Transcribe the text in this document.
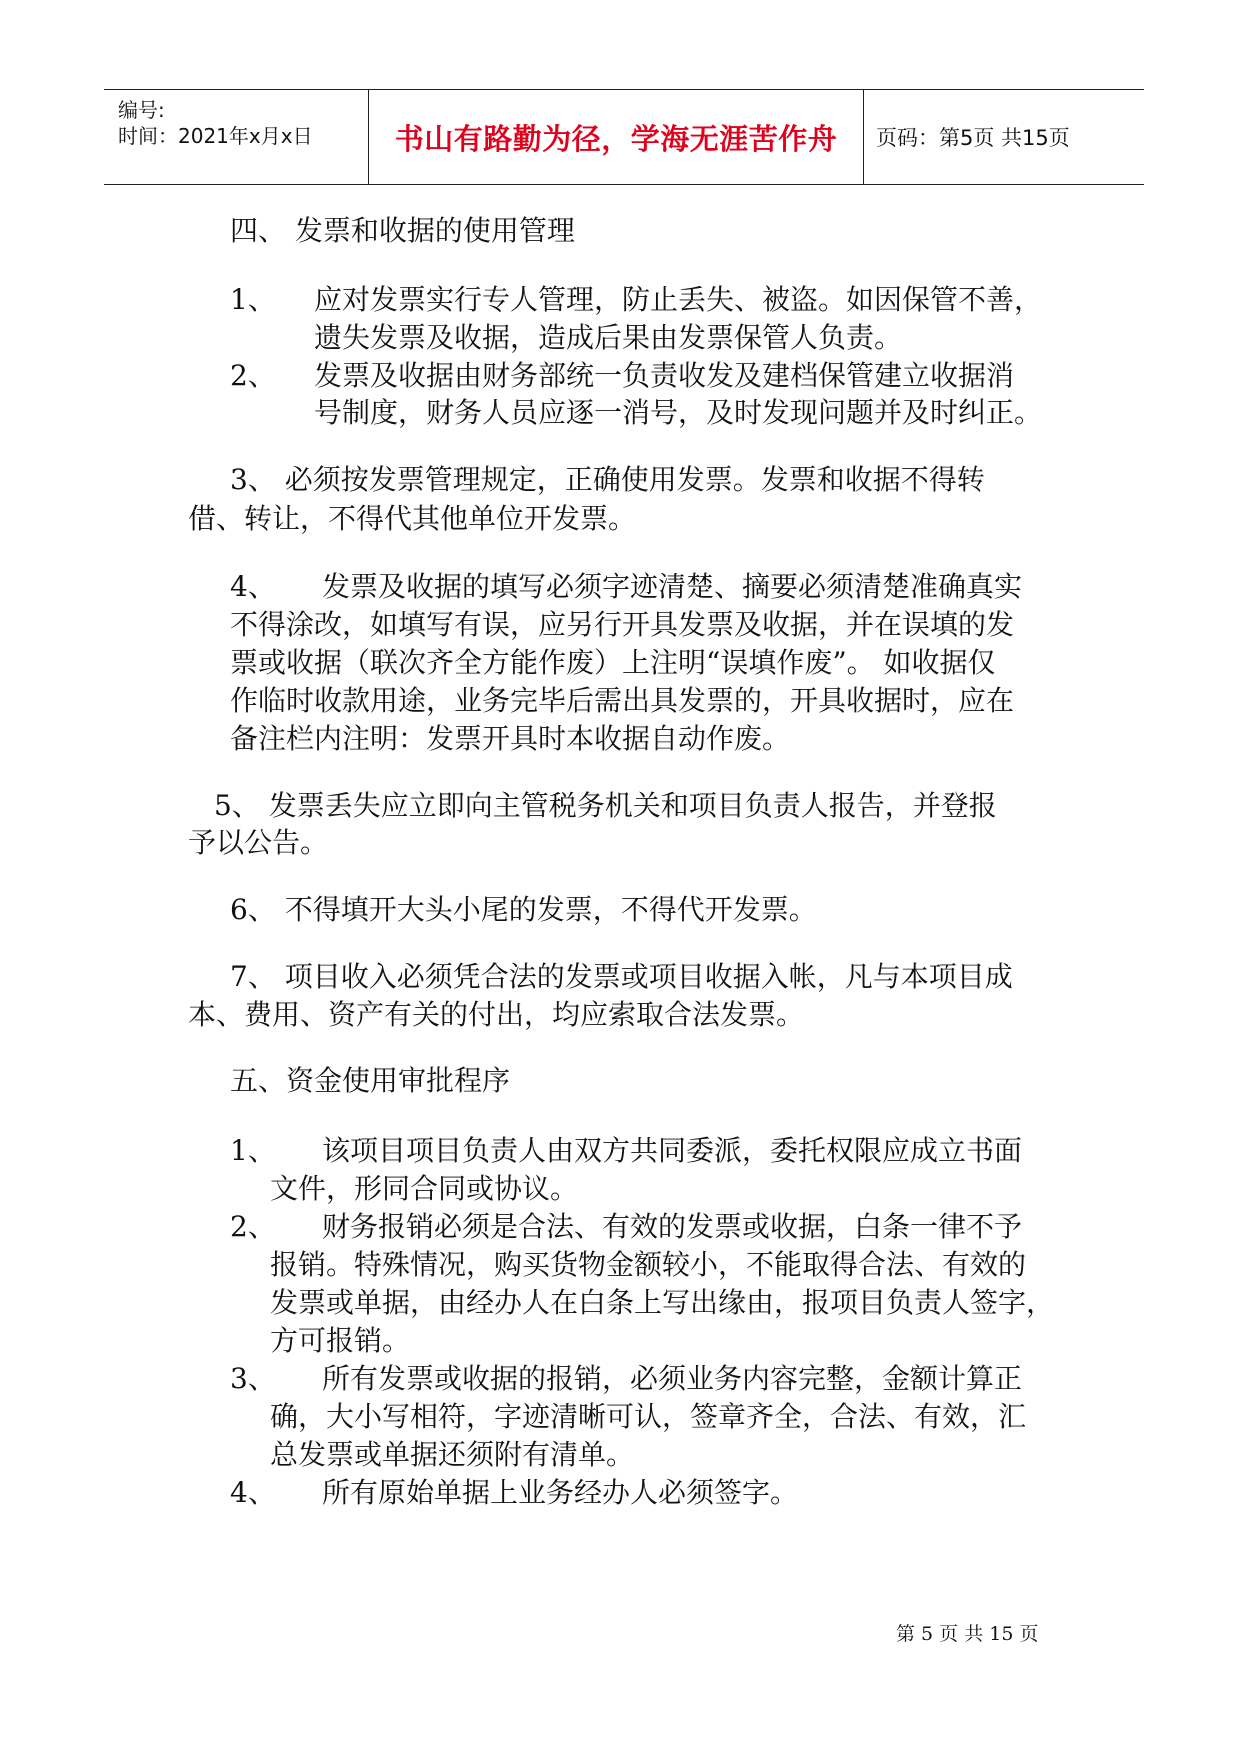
编号:
时间：2021年x月x日	书山有路勤为径，学海无涯苦作舟 页码：第5页 共15页
四、 发票和收据的使用管理
1、 应对发票实行专人管理，防止丢失、被盗。如因保管不善，
遗失发票及收据，造成后果由发票保管人负责。
2、 发票及收据由财务部统一负责收发及建档保管建立收据消
号制度，财务人员应逐一消号，及时发现问题并及时纠正。
3、 必须按发票管理规定，正确使用发票。发票和收据不得转
借、转让，不得代其他单位开发票。
4、 发票及收据的填写必须字迹清楚、摘要必须清楚准确真实
不得涂改，如填写有误，应另行开具发票及收据，并在误填的发
票或收据（联次齐全方能作废）上注明“误填作废”。 如收据仅
作临时收款用途，业务完毕后需出具发票的，开具收据时，应在
备注栏内注明：发票开具时本收据自动作废。
5、 发票丢失应立即向主管税务机关和项目负责人报告，并登报
予以公告。
6、 不得填开大头小尾的发票，不得代开发票。
7、 项目收入必须凭合法的发票或项目收据入帐，凡与本项目成
本、费用、资产有关的付出，均应索取合法发票。
五、资金使用审批程序
1、 该项目项目负责人由双方共同委派，委托权限应成立书面
文件，形同合同或协议。
2、 财务报销必须是合法、有效的发票或收据，白条一律不予
报销。特殊情况，购买货物金额较小，不能取得合法、有效的
发票或单据，由经办人在白条上写出缘由，报项目负责人签字，
方可报销。
3、 所有发票或收据的报销，必须业务内容完整，金额计算正
确，大小写相符，字迹清晰可认，签章齐全，合法、有效，汇
总发票或单据还须附有清单。
4、 所有原始单据上业务经办人必须签字。
第 5 页 共 15 页
